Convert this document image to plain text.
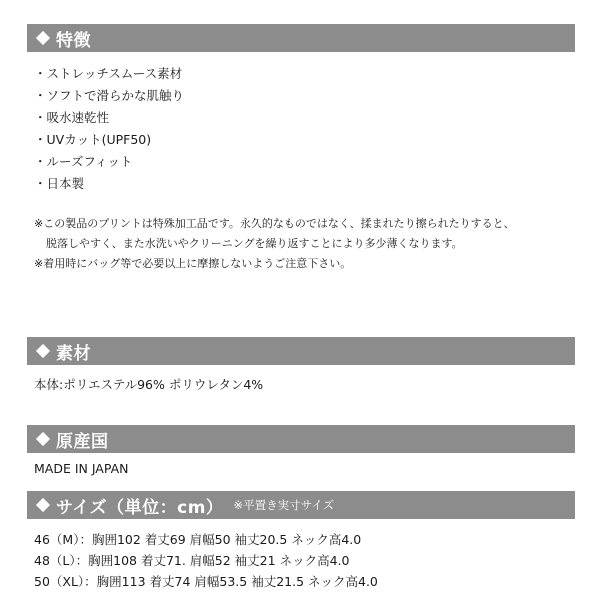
特徴
・ストレッチスムース素材
・ソフトで滑らかな肌触り
・吸水速乾性
・UVカット(UPF50)
・ルーズフィット
・日本製
※この製品のプリントは特殊加工品です。永久的なものではなく、揉まれたり擦られたりすると、
脱落しやすく、また水洗いやクリーニングを繰り返すことにより多少薄くなります。
※着用時にバッグ等で必要以上に摩擦しないようご注意下さい。
素材
本体:ポリエステル96% ポリウレタン4%
原産国
MADE IN JAPAN
サイズ（単位：cm） ※平置き実寸サイズ
46（M）：胸囲102 着丈69 肩幅50 袖丈20.5 ネック高4.0
48（L）：胸囲108 着丈71. 肩幅52 袖丈21 ネック高4.0
50（XL）：胸囲113 着丈74 肩幅53.5 袖丈21.5 ネック高4.0
